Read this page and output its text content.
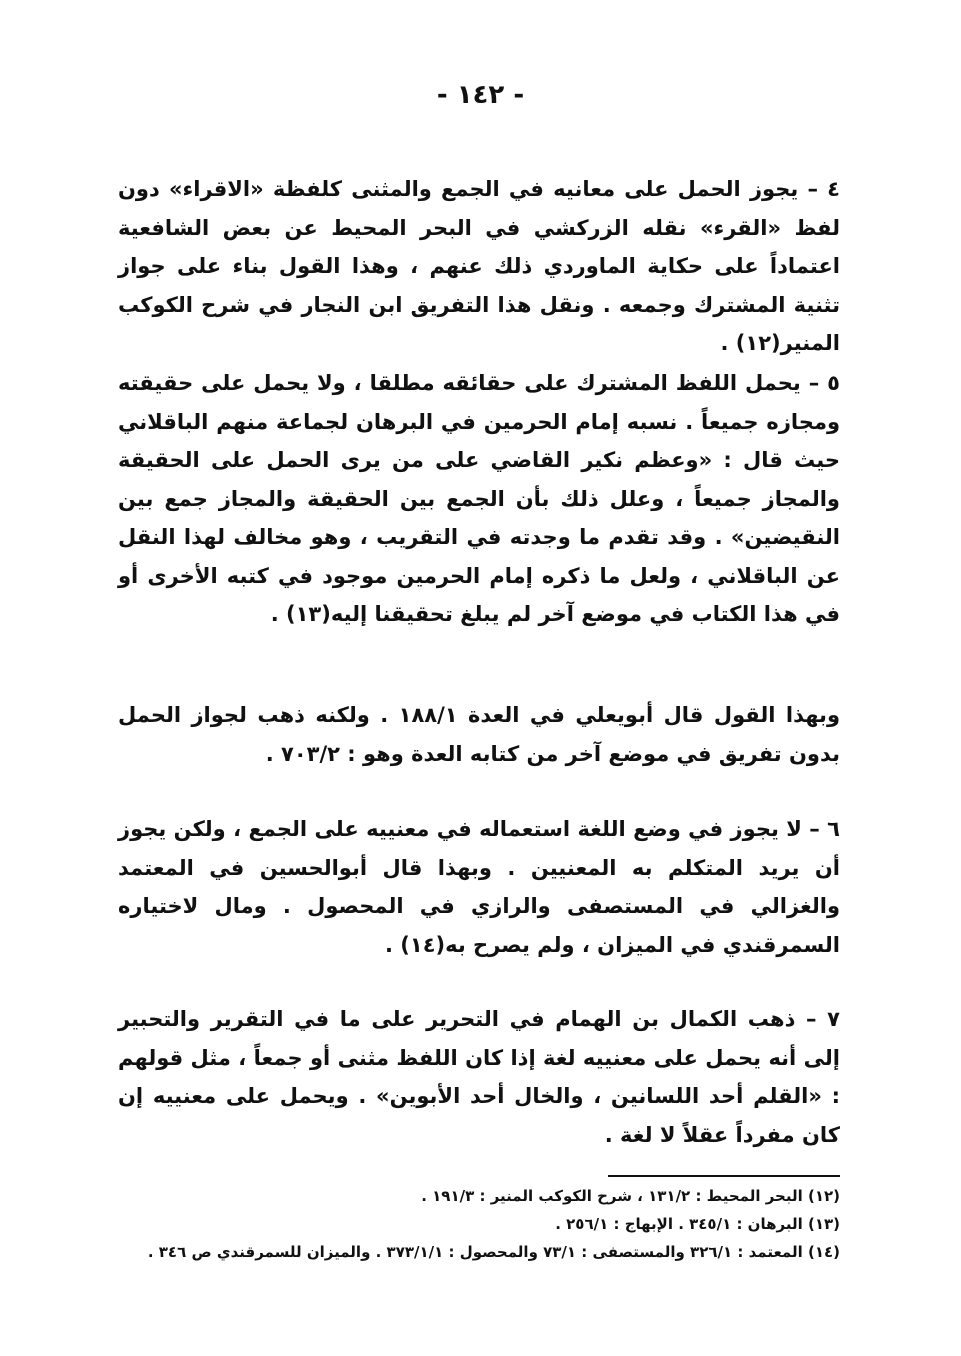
- ١٤٢ -
٤ – يجوز الحمل على معانيه في الجمع والمثنى كلفظة «الاقراء» دون لفظ «القرء» نقله الزركشي في البحر المحيط عن بعض الشافعية اعتماداً على حكاية الماوردي ذلك عنهم ، وهذا القول بناء على جواز تثنية المشترك وجمعه . ونقل هذا التفريق ابن النجار في شرح الكوكب المنير(١٢) .
٥ – يحمل اللفظ المشترك على حقائقه مطلقا ، ولا يحمل على حقيقته ومجازه جميعاً . نسبه إمام الحرمين في البرهان لجماعة منهم الباقلاني حيث قال : «وعظم نكير القاضي على من يرى الحمل على الحقيقة والمجاز جميعاً ، وعلل ذلك بأن الجمع بين الحقيقة والمجاز جمع بين النقيضين» . وقد تقدم ما وجدته في التقريب ، وهو مخالف لهذا النقل عن الباقلاني ، ولعل ما ذكره إمام الحرمين موجود في كتبه الأخرى أو في هذا الكتاب في موضع آخر لم يبلغ تحقيقنا إليه(١٣) .
وبهذا القول قال أبويعلي في العدة ١٨٨/١ . ولكنه ذهب لجواز الحمل بدون تفريق في موضع آخر من كتابه العدة وهو : ٧٠٣/٢ .
٦ – لا يجوز في وضع اللغة استعماله في معنييه على الجمع ، ولكن يجوز أن يريد المتكلم به المعنيين . وبهذا قال أبوالحسين في المعتمد والغزالي في المستصفى والرازي في المحصول . ومال لاختياره السمرقندي في الميزان ، ولم يصرح به(١٤) .
٧ – ذهب الكمال بن الهمام في التحرير على ما في التقرير والتحبير إلى أنه يحمل على معنييه لغة إذا كان اللفظ مثنى أو جمعاً ، مثل قولهم : «القلم أحد اللسانين ، والخال أحد الأبوين» . ويحمل على معنييه إن كان مفرداً عقلاً لا لغة .
(١٢) البحر المحيط : ١٣١/٢ ، شرح الكوكب المنير : ١٩١/٣ .
(١٣) البرهان : ٣٤٥/١ . الإبهاج : ٢٥٦/١ .
(١٤) المعتمد : ٣٢٦/١ والمستصفى : ٧٣/١ والمحصول : ٣٧٣/١/١ . والميزان للسمرقندي ص ٣٤٦ .
